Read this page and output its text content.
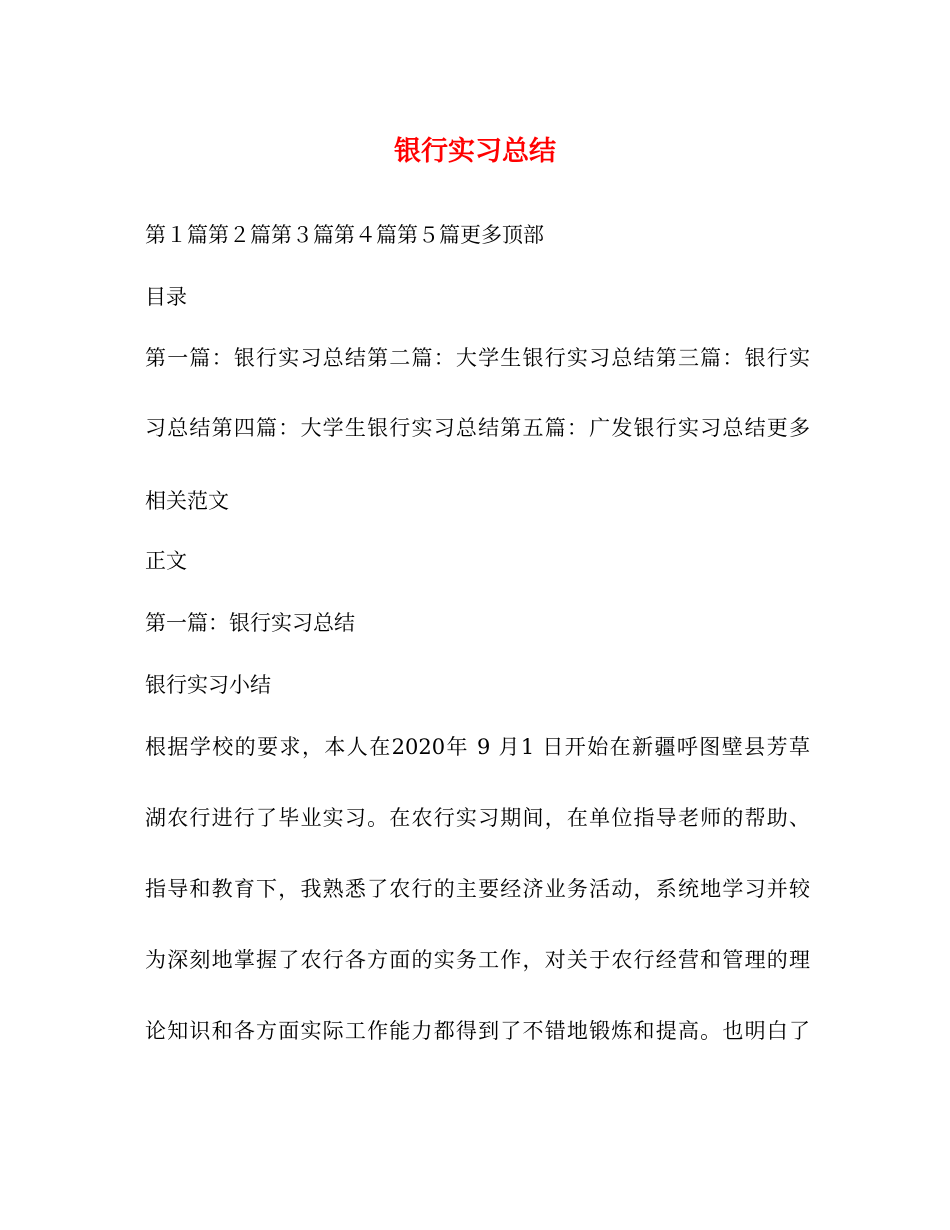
银行实习总结

第１篇第２篇第３篇第４篇第５篇更多顶部

目录

第一篇：银行实习总结第二篇：大学生银行实习总结第三篇：银行实

习总结第四篇：大学生银行实习总结第五篇：广发银行实习总结更多

相关范文

正文

第一篇：银行实习总结

银行实习小结

根据学校的要求，本人在2020年 9 月1 日开始在新疆呼图壁县芳草

湖农行进行了毕业实习。在农行实习期间，在单位指导老师的帮助、

指导和教育下，我熟悉了农行的主要经济业务活动，系统地学习并较

为深刻地掌握了农行各方面的实务工作，对关于农行经营和管理的理

论知识和各方面实际工作能力都得到了不错地锻炼和提高。也明白了
